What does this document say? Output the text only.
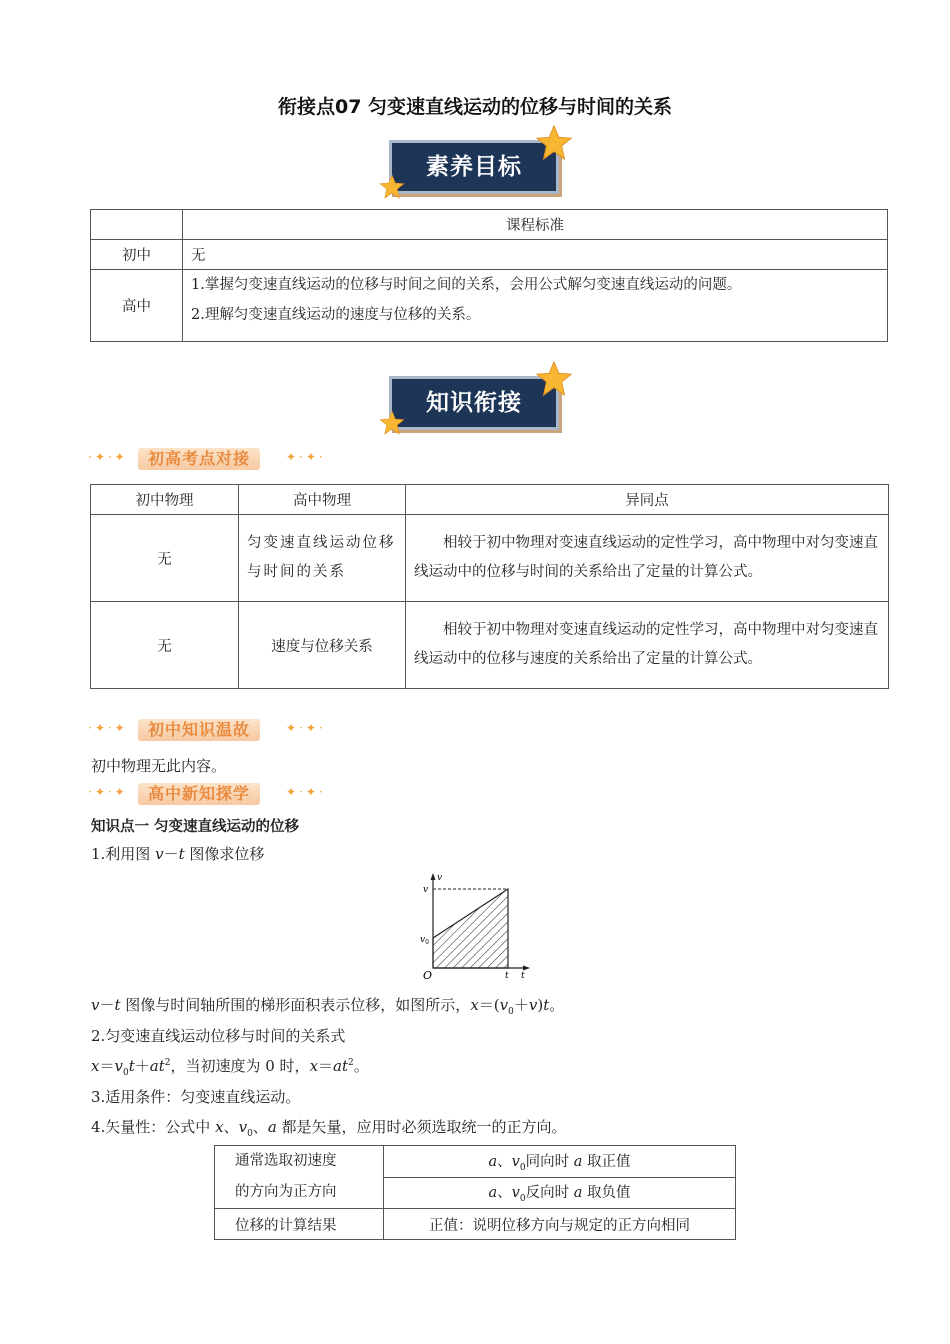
衔接点07 匀变速直线运动的位移与时间的关系
素养目标
	课程标准
初中	无
高中	1.掌握匀变速直线运动的位移与时间之间的关系，会用公式解匀变速直线运动的问题。
2.理解匀变速直线运动的速度与位移的关系。
知识衔接
·✦·✦	初高考点对接	✦·✦·
初中物理	高中物理	异同点
无	匀变速直线运动位移与时间的关系	相较于初中物理对变速直线运动的定性学习，高中物理中对匀变速直线运动中的位移与时间的关系给出了定量的计算公式。
无	速度与位移关系	相较于初中物理对变速直线运动的定性学习，高中物理中对匀变速直线运动中的位移与速度的关系给出了定量的计算公式。
·✦·✦	初中知识温故	✦·✦·
初中物理无此内容。
·✦·✦	高中新知探学	✦·✦·
知识点一 匀变速直线运动的位移
1.利用图 v－t 图像求位移
v
v
$v_0$
O	t t
v－t 图像与时间轴所围的梯形面积表示位移，如图所示，$x=(v_0+v)t$。
2.匀变速直线运动位移与时间的关系式
$x=v_0t+at^2$，当初速度为 0 时，$x=at^2$。
3.适用条件：匀变速直线运动。
4.矢量性：公式中 x、$v_0$、a 都是矢量，应用时必须选取统一的正方向。
通常选取初速度
的方向为正方向	a、$v_0$同向时 a 取正值
	a、$v_0$反向时 a 取负值
位移的计算结果	正值：说明位移方向与规定的正方向相同
